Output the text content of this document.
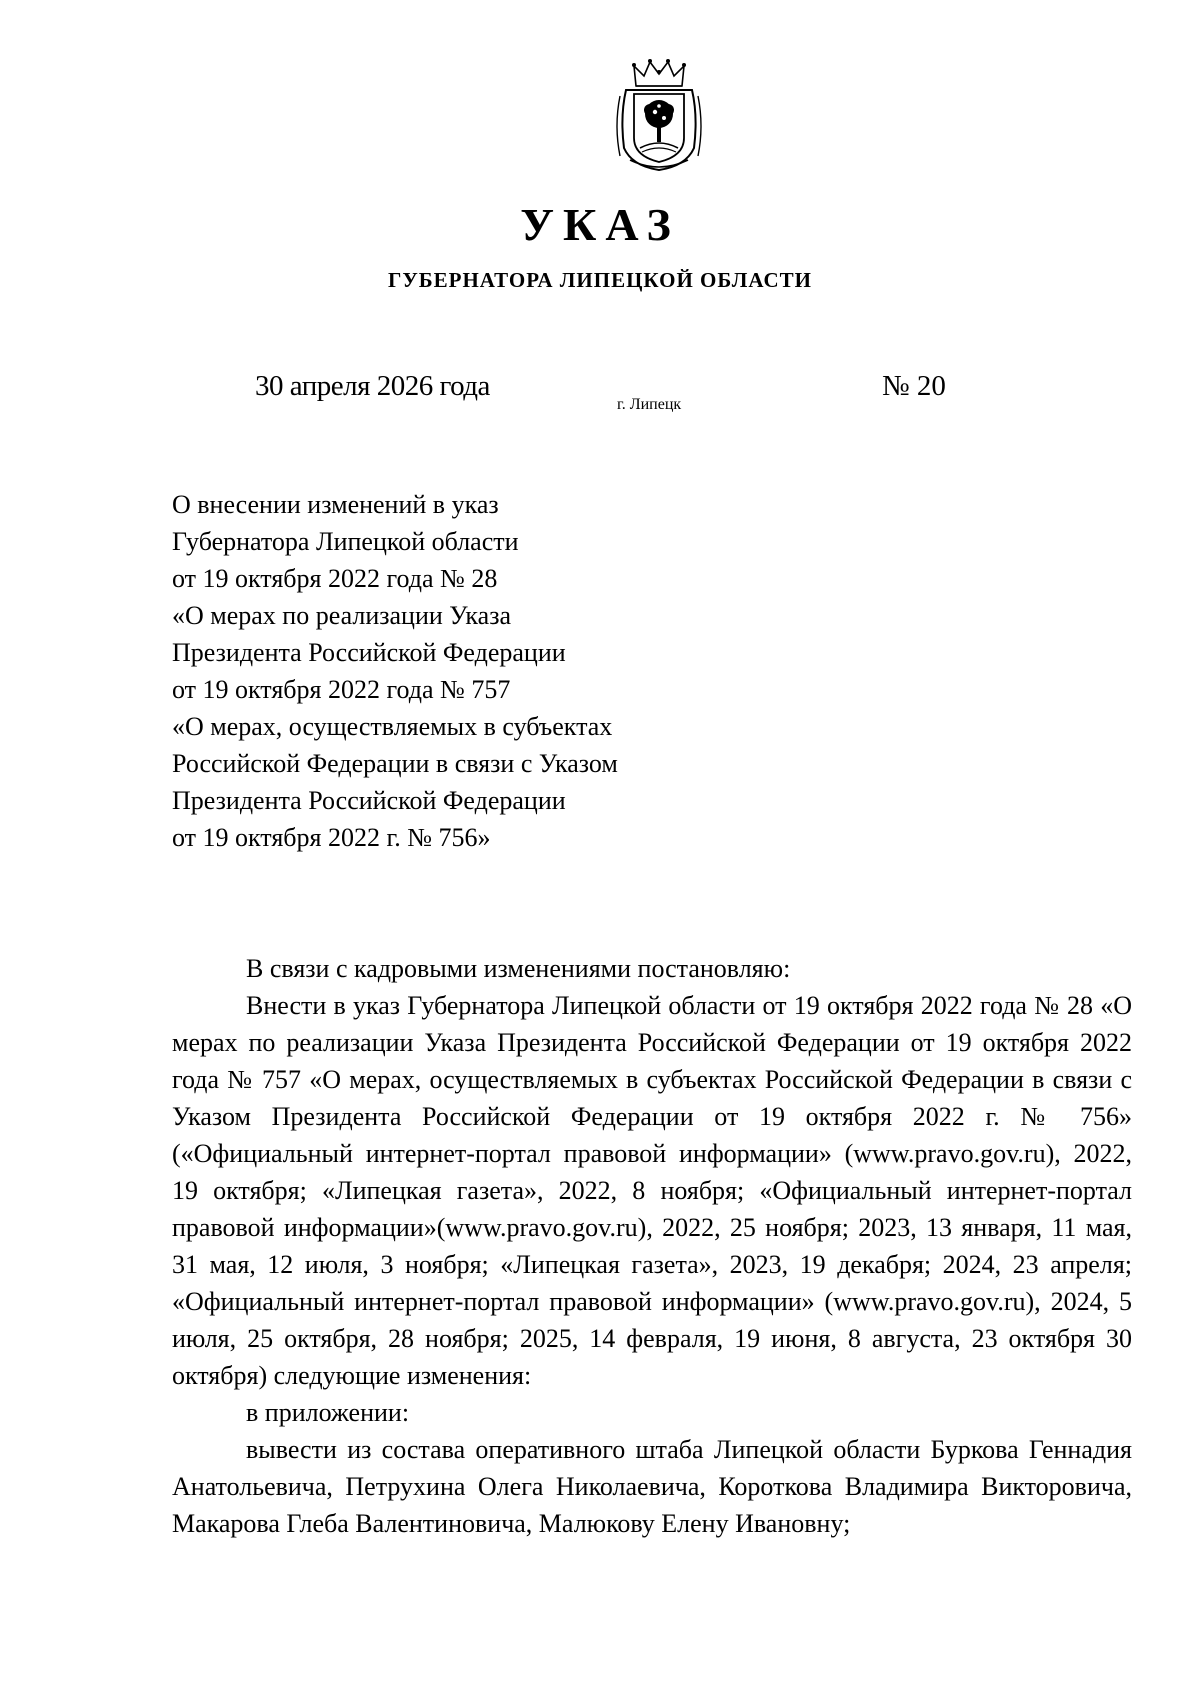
УКАЗ
ГУБЕРНАТОРА ЛИПЕЦКОЙ ОБЛАСТИ
30 апреля 2026 года
г. Липецк
№ 20
О внесении изменений в указ
Губернатора Липецкой области
от 19 октября 2022 года № 28
«О мерах по реализации Указа
Президента Российской Федерации
от 19 октября 2022 года № 757
«О мерах, осуществляемых в субъектах
Российской Федерации в связи с Указом
Президента Российской Федерации
от 19 октября 2022 г. № 756»

В связи с кадровыми изменениями постановляю:

Внести в указ Губернатора Липецкой области от 19 октября 2022 года № 28 «О мерах по реализации Указа Президента Российской Федерации от 19 октября 2022 года № 757 «О мерах, осуществляемых в субъектах Российской Федерации в связи с Указом Президента Российской Федерации от 19 октября 2022 г. № 756» («Официальный интернет-портал правовой информации» (www.pravo.gov.ru), 2022, 19 октября; «Липецкая газета», 2022, 8 ноября; «Официальный интернет-портал правовой информации»(www.pravo.gov.ru), 2022, 25 ноября; 2023, 13 января, 11 мая, 31 мая, 12 июля, 3 ноября; «Липецкая газета», 2023, 19 декабря; 2024, 23 апреля; «Официальный интернет-портал правовой информации» (www.pravo.gov.ru), 2024, 5 июля, 25 октября, 28 ноября; 2025, 14 февраля, 19 июня, 8 августа, 23 октября 30 октября) следующие изменения:

в приложении:

вывести из состава оперативного штаба Липецкой области Буркова Геннадия Анатольевича, Петрухина Олега Николаевича, Короткова Владимира Викторовича, Макарова Глеба Валентиновича, Малюкову Елену Ивановну;
